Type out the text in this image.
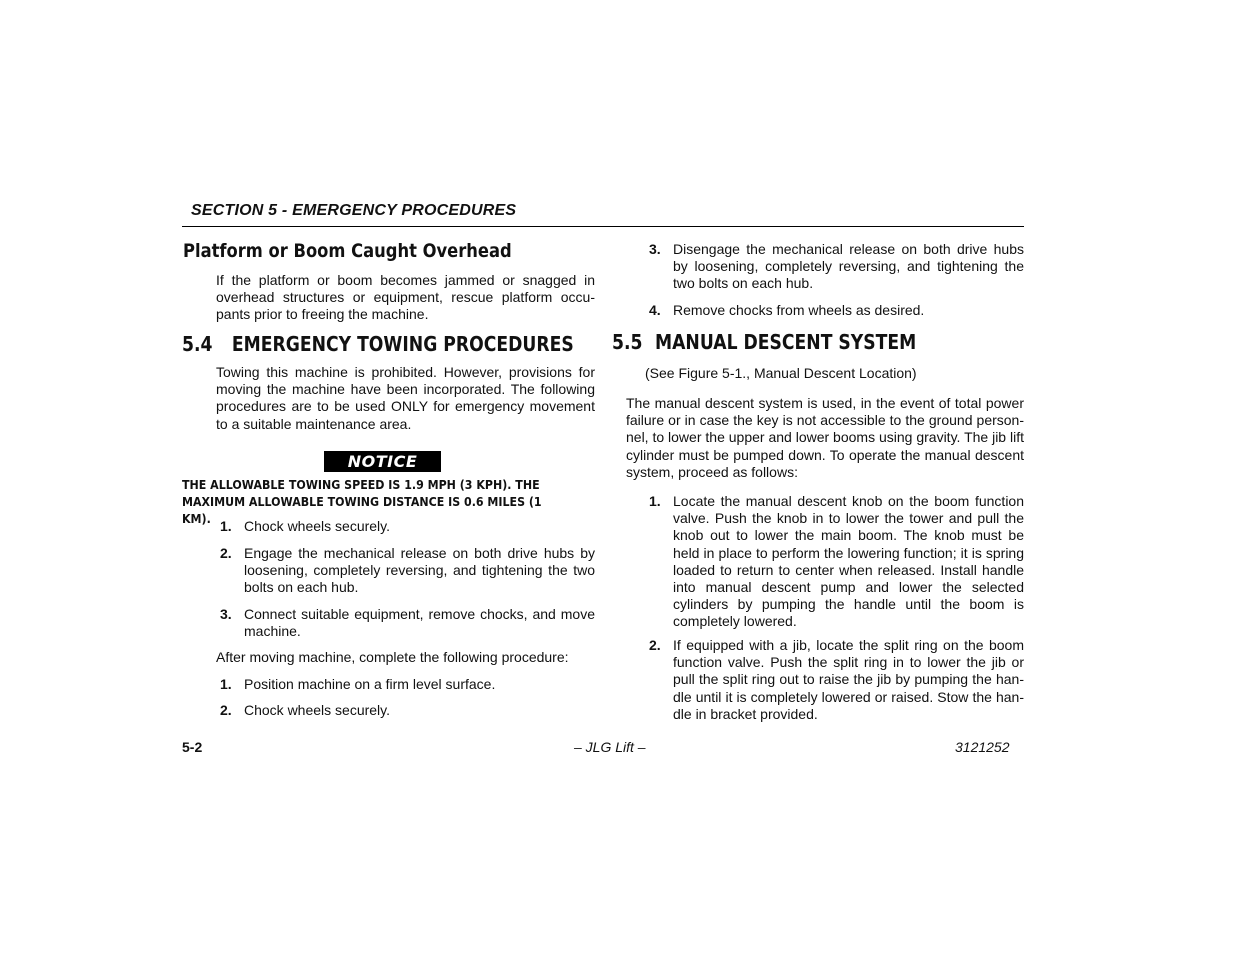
SECTION 5 - EMERGENCY PROCEDURES
Platform or Boom Caught Overhead

If the platform or boom becomes jammed or snagged in overhead structures or equipment, rescue platform occu-pants prior to freeing the machine.

5.4 EMERGENCY TOWING PROCEDURES

Towing this machine is prohibited. However, provisions for moving the machine have been incorporated. The following procedures are to be used ONLY for emergency movement to a suitable maintenance area.

NOTICE

THE ALLOWABLE TOWING SPEED IS 1.9 MPH (3 KPH). THE MAXIMUM ALLOWABLE TOWING DISTANCE IS 0.6 MILES (1 KM). 1. Chock wheels securely.
2. Engage the mechanical release on both drive hubs by loosening, completely reversing, and tightening the two bolts on each hub.
3. Connect suitable equipment, remove chocks, and move machine.

After moving machine, complete the following procedure:

1. Position machine on a firm level surface.
2. Chock wheels securely.
3. Disengage the mechanical release on both drive hubs by loosening, completely reversing, and tightening the two bolts on each hub.
4. Remove chocks from wheels as desired.
5.5 MANUAL DESCENT SYSTEM

(See Figure 5-1., Manual Descent Location)

The manual descent system is used, in the event of total power failure or in case the key is not accessible to the ground person-nel, to lower the upper and lower booms using gravity. The jib lift cylinder must be pumped down. To operate the manual descent system, proceed as follows:

1. Locate the manual descent knob on the boom function valve. Push the knob in to lower the tower and pull the knob out to lower the main boom. The knob must be held in place to perform the lowering function; it is spring loaded to return to center when released. Install handle into manual descent pump and lower the selected cylinders by pumping the handle until the boom is completely lowered.
2. If equipped with a jib, locate the split ring on the boom function valve. Push the split ring in to lower the jib or pull the split ring out to raise the jib by pumping the han-dle until it is completely lowered or raised. Stow the han-dle in bracket provided.
5-2	– JLG Lift –	3121252
